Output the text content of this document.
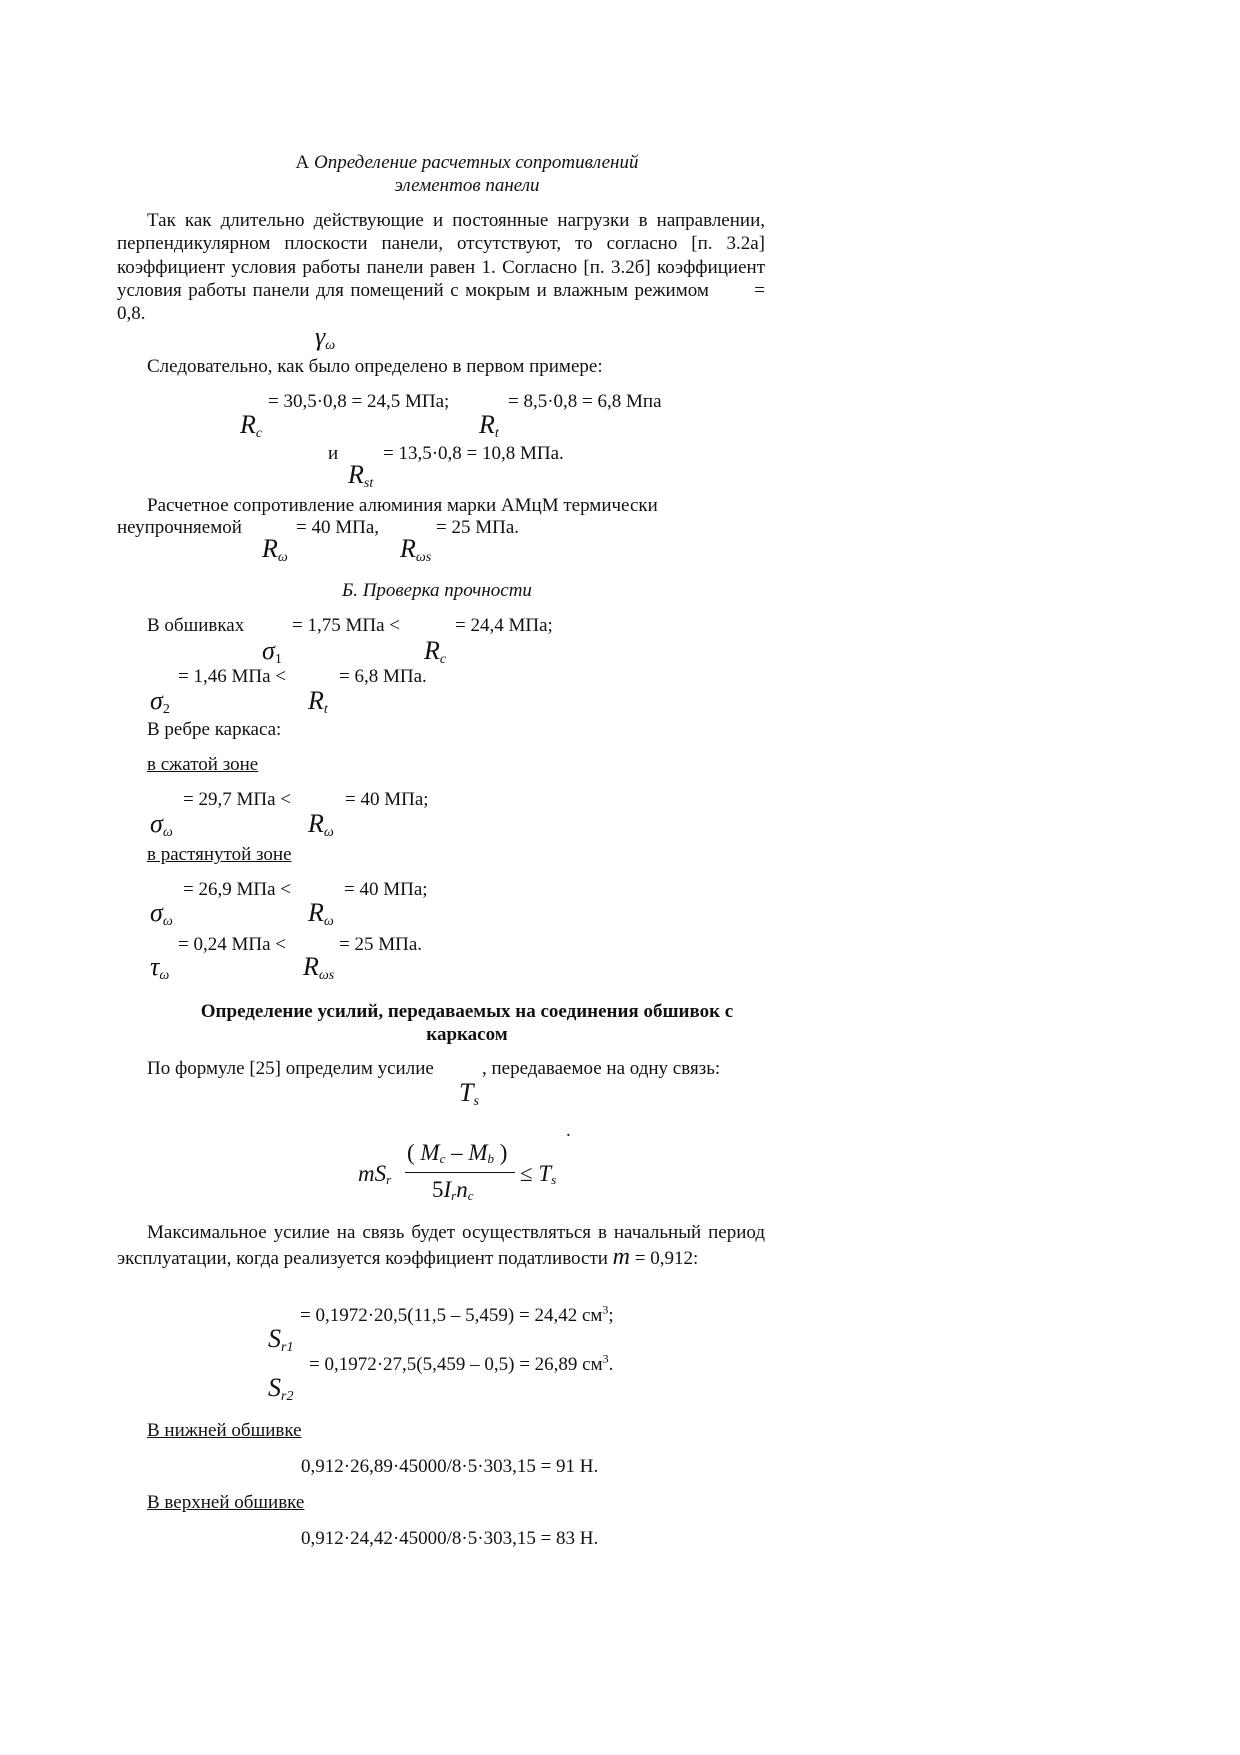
А Определение расчетных сопротивлений
элементов панели
Так как длительно действующие и постоянные нагрузки в направлении, перпендикулярном плоскости панели, отсутствуют, то согласно [п. 3.2а] коэффициент условия работы панели равен 1. Согласно [п. 3.2б] коэффициент условия работы панели для помещений с мокрым и влажным режимом = 0,8.
γω
Следовательно, как было определено в первом примере:
= 30,5·0,8 = 24,5 МПа;	= 8,5·0,8 = 6,8 Мпа
Rc	Rt
и = 13,5·0,8 = 10,8 МПа.
Rst
Расчетное сопротивление алюминия марки АМцМ термически
неупрочняемой	= 40 МПа,	= 25 МПа.
Rω	Rωs
Б. Проверка прочности
В обшивках	= 1,75 МПа <	= 24,4 МПа;
σ1	Rc
= 1,46 МПа <	= 6,8 МПа.
σ2	Rt
В ребре каркаса:
в сжатой зоне
= 29,7 МПа <	= 40 МПа;
σω	Rω
в растянутой зоне
= 26,9 МПа <	= 40 МПа;
σω	Rω
= 0,24 МПа <	= 25 МПа.
τω	Rωs
Определение усилий, передаваемых на соединения обшивок с
каркасом
По формуле [25] определим усилие	, передаваемое на одну связь:
Ts
.
mSr
( Mc – Mb )
5Irnc
≤ Ts
Максимальное усилие на связь будет осуществляться в начальный период эксплуатации, когда реализуется коэффициент податливости m = 0,912:
= 0,1972·20,5(11,5 – 5,459) = 24,42 $см^3$;
Sr1
= 0,1972·27,5(5,459 – 0,5) = 26,89 $см^3$.
Sr2
В нижней обшивке
0,912·26,89·45000/8·5·303,15 = 91 Н.
В верхней обшивке
0,912·24,42·45000/8·5·303,15 = 83 Н.
